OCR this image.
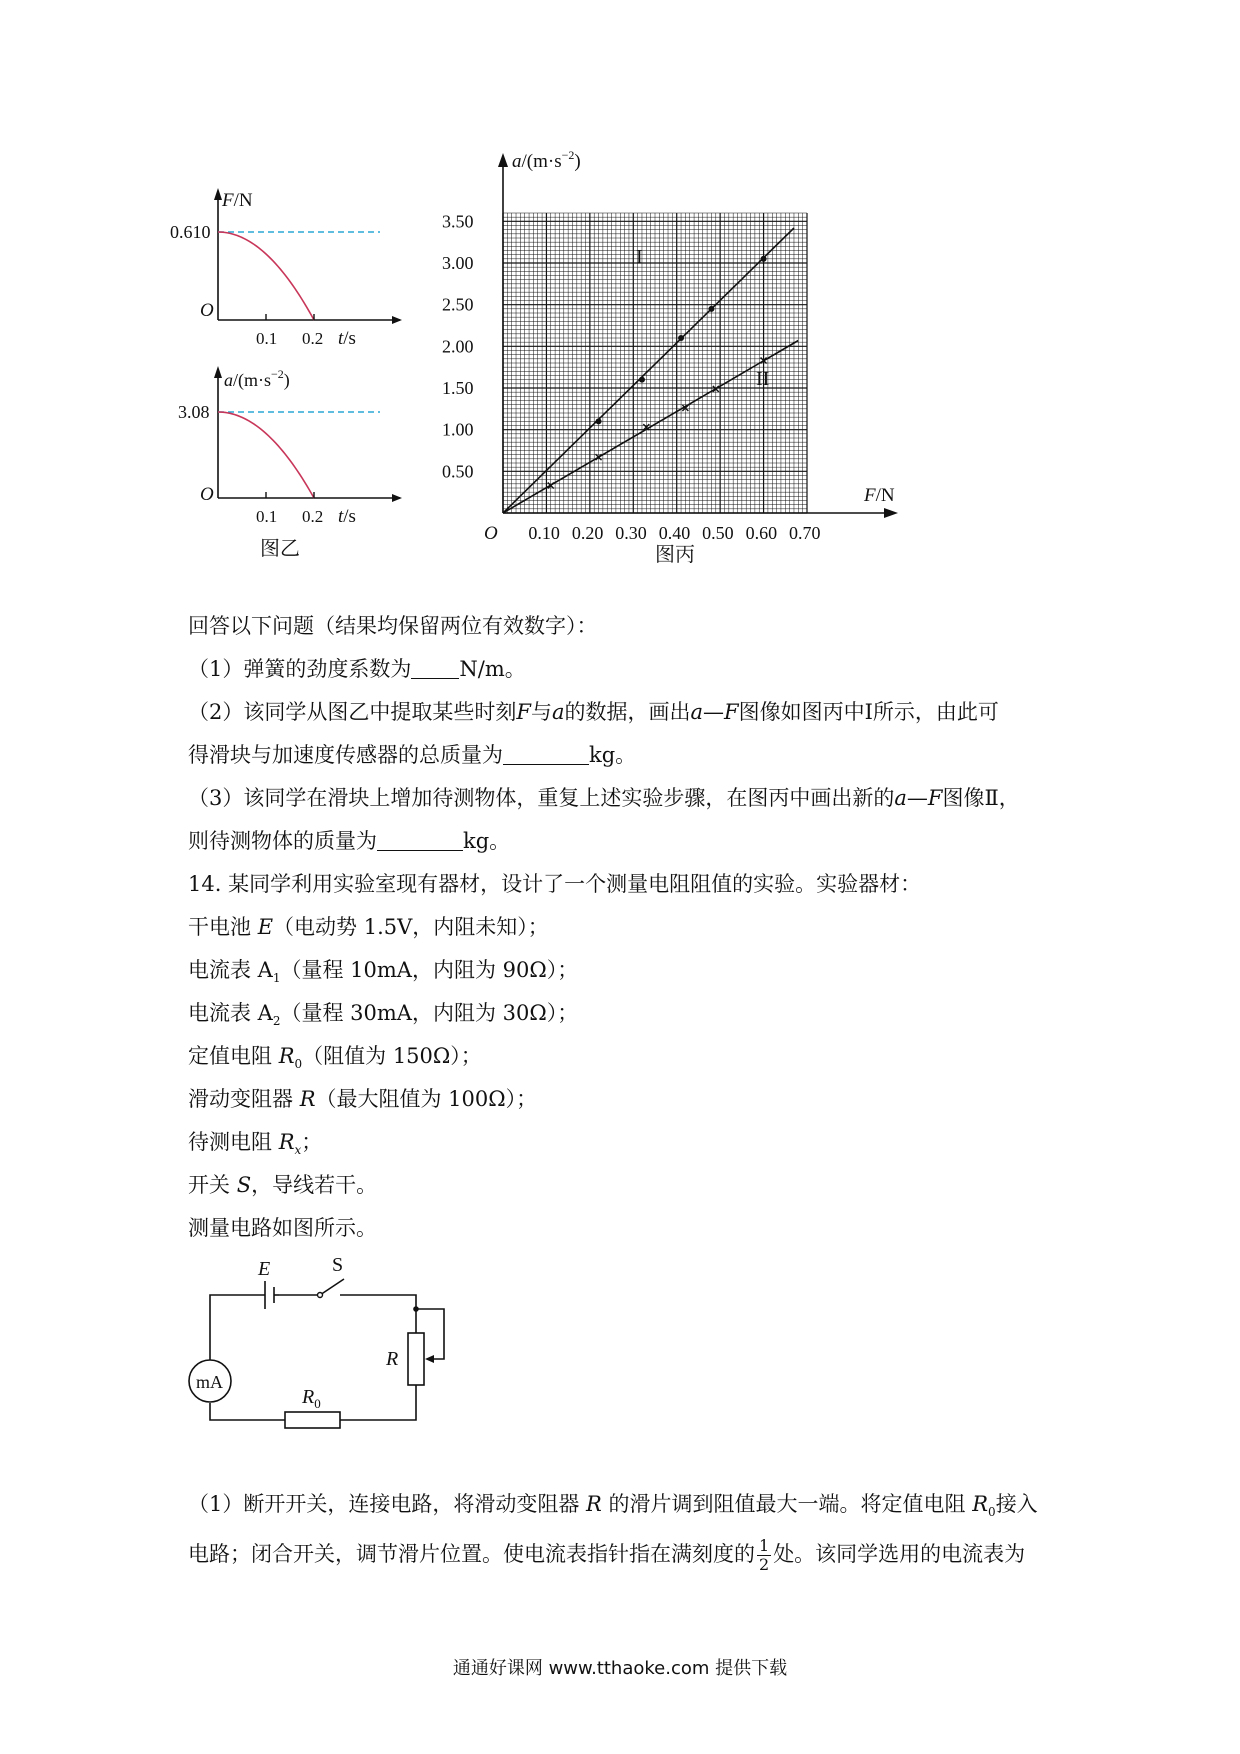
F/N
0.610
O
0.1 0.2 t/s
$a/(m\cdot s^{-2})$
3.08
O
0.1 0.2 t/s
图乙
0.50
1.00
1.50
2.00
2.50
3.00
3.50
0.10 0.20 0.30 0.40 0.50 0.60 0.70
$a/(m\cdot s^{-2})$
F/N
O
I
II
图丙
回答以下问题（结果均保留两位有效数字）：
（1）弹簧的劲度系数为 N/m。
（2）该同学从图乙中提取某些时刻F与a的数据，画出a—F图像如图丙中Ⅰ所示，由此可
得滑块与加速度传感器的总质量为	kg。
（3）该同学在滑块上增加待测物体，重复上述实验步骤，在图丙中画出新的a—F图像Ⅱ，
则待测物体的质量为	kg。
14. 某同学利用实验室现有器材，设计了一个测量电阻阻值的实验。实验器材：
干电池 E（电动势 1.5V，内阻未知）；
电流表 $A_1$（量程 10mA，内阻为 90Ω）；
电流表 $A_2$（量程 30mA，内阻为 30Ω）；
定值电阻 $R_0$（阻值为 150Ω）；
滑动变阻器 R（最大阻值为 100Ω）；
待测电阻 $R_x$；
开关 S，导线若干。
测量电路如图所示。
E	S
mA
R
$R_0$
（1）断开开关，连接电路，将滑动变阻器 R 的滑片调到阻值最大一端。将定值电阻 $R_0$接入
电路；闭合开关，调节滑片位置。使电流表指针指在满刻度的 $\frac{1}{2}$ 处。该同学选用的电流表为
通通好课网 www.tthaoke.com 提供下载
